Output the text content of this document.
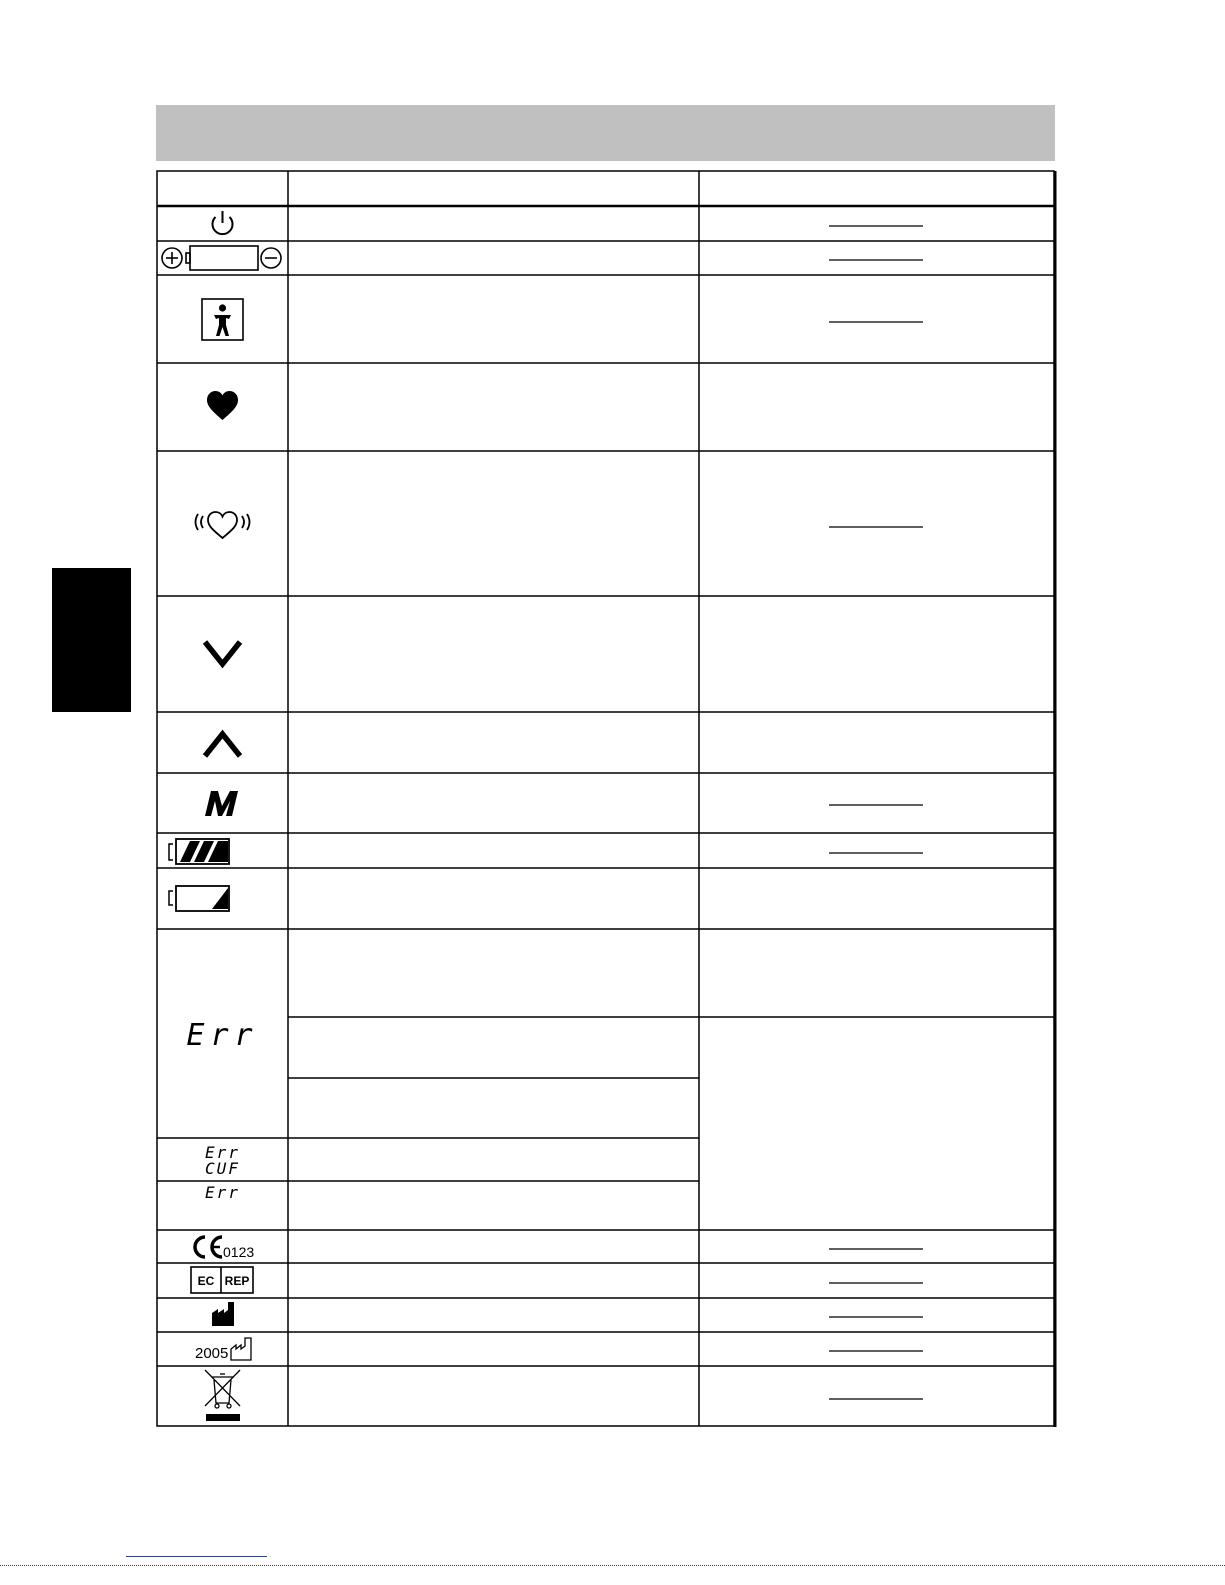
Err
Err
CUF
Err
0123
EC REP
2005
